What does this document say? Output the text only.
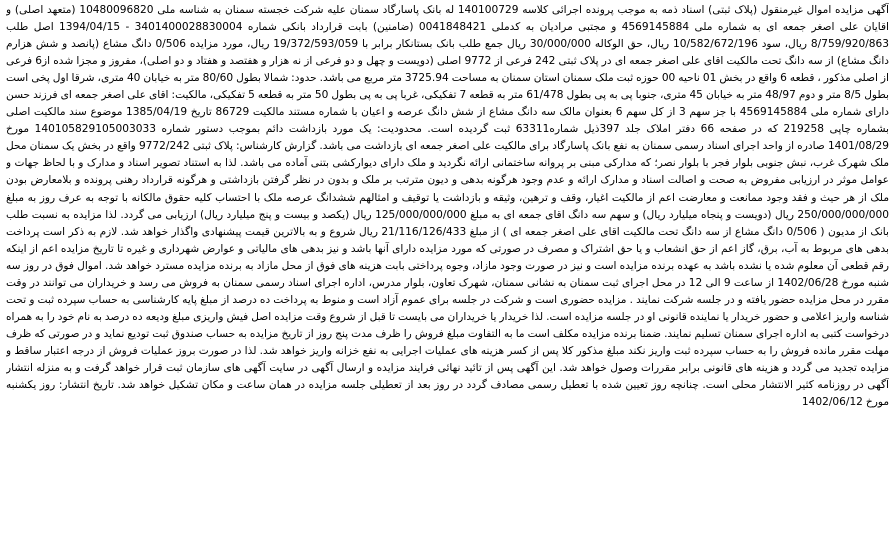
آگهی مزایده اموال غیرمنقول (پلاک ثبتی) اسناد ذمه به موجب پرونده اجرائی کلاسه 140100729 له بانک پاسارگاد سمنان علیه شرکت خجسته سمنان به شناسه ملی 10480096820 (متعهد اصلی) و اقایان علی اصغر جمعه ای به شماره ملی 4569145884 و مجتبی مرادیان به کدملی 0041848421 (ضامنین) بابت قرارداد بانکی شماره 3401400028830004 - 1394/04/15 اصل طلب 8/759/920/863 ریال، سود 10/582/672/196 ریال، حق الوکاله 30/000/000 ریال جمع طلب بانک بستانکار برابر با 19/372/593/059 ریال، مورد مزایده 0/506 دانگ مشاع (پانصد و شش هزارم دانگ مشاع) از سه دانگ تحت مالکیت اقای علی اصغر جمعه ای در پلاک ثبتی 242 فرعی از 9772 اصلی (دویست و چهل و دو فرعی از نه هزار و هفتصد و هفتاد و دو اصلی)، مفروز و مجزا شده از6 فرعی از اصلی مذکور ، قطعه 6 واقع در بخش 01 ناحیه 00 حوزه ثبت ملک سمنان استان سمنان به مساحت 3725.94 متر مربع می باشد. حدود: شمالا بطول 80/60 متر به خیابان 40 متری، شرقا اول پخی است بطول 8/5 متر و دوم 48/97 متر به خیابان 45 متری، جنوبا پی به پی بطول 61/478 متر به قطعه 7 تفکیکی، غربا پی به پی بطول 50 متر به قطعه 5 تفکیکی، مالکیت: اقای علی اصغر جمعه ای فرزند حسن دارای شماره ملی 4569145884 با جز سهم 3 از کل سهم 6 بعنوان مالک سه دانگ مشاع از شش دانگ عرصه و اعیان با شماره مستند مالکیت 86729 تاریخ 1385/04/19 موضوع سند مالکیت اصلی بشماره چاپی 219258 که در صفحه 66 دفتر املاک جلد 397ذیل شماره63311 ثبت گردیده است. محدودیت: یک مورد بازداشت دائم بموجب دستور شماره 140105829105003033 مورخ 1401/08/29 صادره از واحد اجرای اسناد رسمی سمنان به نفع بانک پاسارگاد برای مالکیت علی اصغر جمعه ای بازداشت می باشد. گزارش کارشناس: پلاک ثبتی 9772/242 واقع در بخش یک سمنان محل ملک شهرک غرب، نبش جنوبی بلوار فجر با بلوار نصر؛ که مدارکی مبنی بر پروانه ساختمانی ارائه نگردید و ملک دارای دیوارکشی بتنی آماده می باشد. لذا به استناد تصویر اسناد و مدارک و با لحاظ جهات و عوامل موثر در ارزیابی مفروض به صحت و اصالت اسناد و مدارک ارائه و عدم وجود هرگونه بدهی و دیون مترتب بر ملک و بدون در نظر گرفتن بازداشتی و هرگونه قرارداد رهنی پرونده و بلامعارض بودن ملک از هر حیث و فقد وجود ممانعت و معارضت اعم از مالکیت اغیار، وقف و ترهین، وثیقه و بازداشت یا توقیف و امثالهم ششدانگ عرصه ملک با احتساب کلیه حقوق مالکانه با توجه به عرف روز به مبلغ 250/000/000/000 ریال (دویست و پنجاه میلیارد ریال) و سهم سه دانگ اقای جمعه ای به مبلغ 125/000/000/000 ریال (یکصد و بیست و پنج میلیارد ریال) ارزیابی می گردد. لذا مزایده به نسبت طلب بانک از مدیون ( 0/506 دانگ مشاع از سه دانگ تحت مالکیت اقای علی اصغر جمعه ای ) از مبلغ 21/116/126/433 ریال شروع و به بالاترین قیمت پیشنهادی واگذار خواهد شد. لازم به ذکر است پرداخت بدهی های مربوط به آب، برق، گاز اعم از حق انشعاب و یا حق اشتراک و مصرف در صورتی که مورد مزایده دارای آنها باشد و نیز بدهی های مالیاتی و عوارض شهرداری و غیره تا تاریخ مزایده اعم از اینکه رقم قطعی آن معلوم شده یا نشده باشد به عهده برنده مزایده است و نیز در صورت وجود مازاد، وجوه پرداختی بابت هزینه های فوق از محل مازاد به برنده مزایده مسترد خواهد شد. اموال فوق در روز سه شنبه مورخ 1402/06/28 از ساعت 9 الی 12 در محل اجرای ثبت سمنان به نشانی سمنان، شهرک تعاون، بلوار مدرس، اداره اجرای اسناد رسمی سمنان به فروش می رسد و خریداران می توانند در وقت مقرر در محل مزایده حضور یافته و در جلسه شرکت نمایند . مزایده حضوری است و شرکت در جلسه برای عموم آزاد است و منوط به پرداخت ده درصد از مبلغ پایه کارشناسی به حساب سپرده ثبت و تحت شناسه واریز اعلامی و حضور خریدار یا نماینده قانونی او در جلسه مزایده است. لذا خریدار یا خریداران می بایست تا قبل از شروع وقت مزایده اصل فیش واریزی مبلغ ودیعه ده درصد به نام خود را به همراه درخواست کتبی به اداره اجرای سمنان تسلیم نمایند. ضمنا برنده مزایده مکلف است ما به التفاوت مبلغ فروش را ظرف مدت پنج روز از تاریخ مزایده به حساب صندوق ثبت تودیع نماید و در صورتی که ظرف مهلت مقرر مانده فروش را به حساب سپرده ثبت واریز نکند مبلغ مذکور کلا پس از کسر هزینه های عملیات اجرایی به نفع خزانه واریز خواهد شد. لذا در صورت بروز عملیات فروش از درجه اعتبار ساقط و مزایده تجدید می گردد و هزینه های قانونی برابر مقررات وصول خواهد شد. این آگهی پس از تائید نهائی فرایند مزایده و ارسال آگهی در سایت آگهی های سازمان ثبت قرار خواهد گرفت و به منزله انتشار آگهی در روزنامه کثیر الانتشار محلی است. چنانچه روز تعیین شده با تعطیل رسمی مصادف گردد در روز بعد از تعطیلی جلسه مزایده در همان ساعت و مکان تشکیل خواهد شد. تاریخ انتشار: روز یکشنبه مورخ 1402/06/12
